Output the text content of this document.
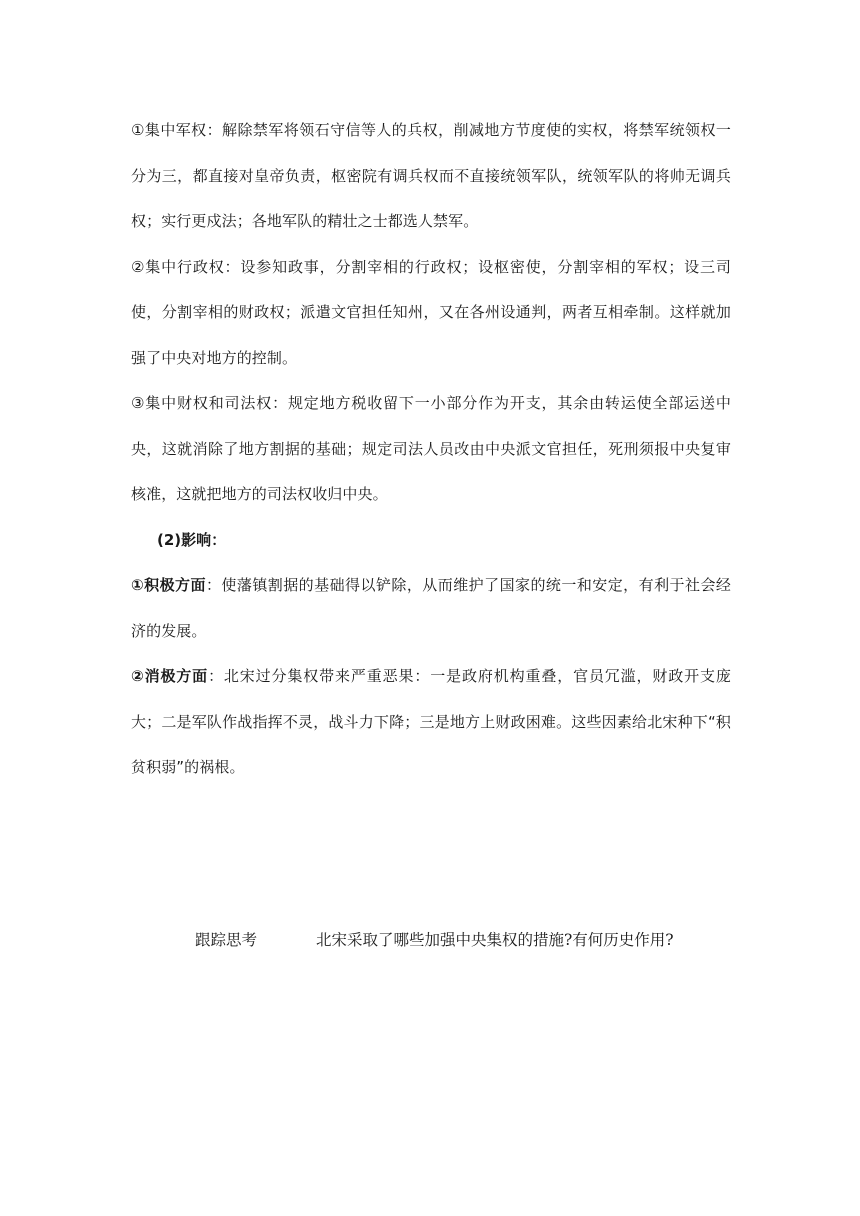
①集中军权：解除禁军将领石守信等人的兵权，削减地方节度使的实权，将禁军统领权一分为三，都直接对皇帝负责，枢密院有调兵权而不直接统领军队，统领军队的将帅无调兵权；实行更戍法；各地军队的精壮之士都选人禁军。

②集中行政权：设参知政事，分割宰相的行政权；设枢密使，分割宰相的军权；设三司使，分割宰相的财政权；派遣文官担任知州，又在各州设通判，两者互相牵制。这样就加强了中央对地方的控制。

③集中财权和司法权：规定地方税收留下一小部分作为开支，其余由转运使全部运送中央，这就消除了地方割据的基础；规定司法人员改由中央派文官担任，死刑须报中央复审核准，这就把地方的司法权收归中央。

(2)影响：

①积极方面：使藩镇割据的基础得以铲除，从而维护了国家的统一和安定，有利于社会经济的发展。

②消极方面：北宋过分集权带来严重恶果：一是政府机构重叠，官员冗滥，财政开支庞大；二是军队作战指挥不灵，战斗力下降；三是地方上财政困难。这些因素给北宋种下“积贫积弱”的祸根。

跟踪思考	北宋采取了哪些加强中央集权的措施?有何历史作用?
